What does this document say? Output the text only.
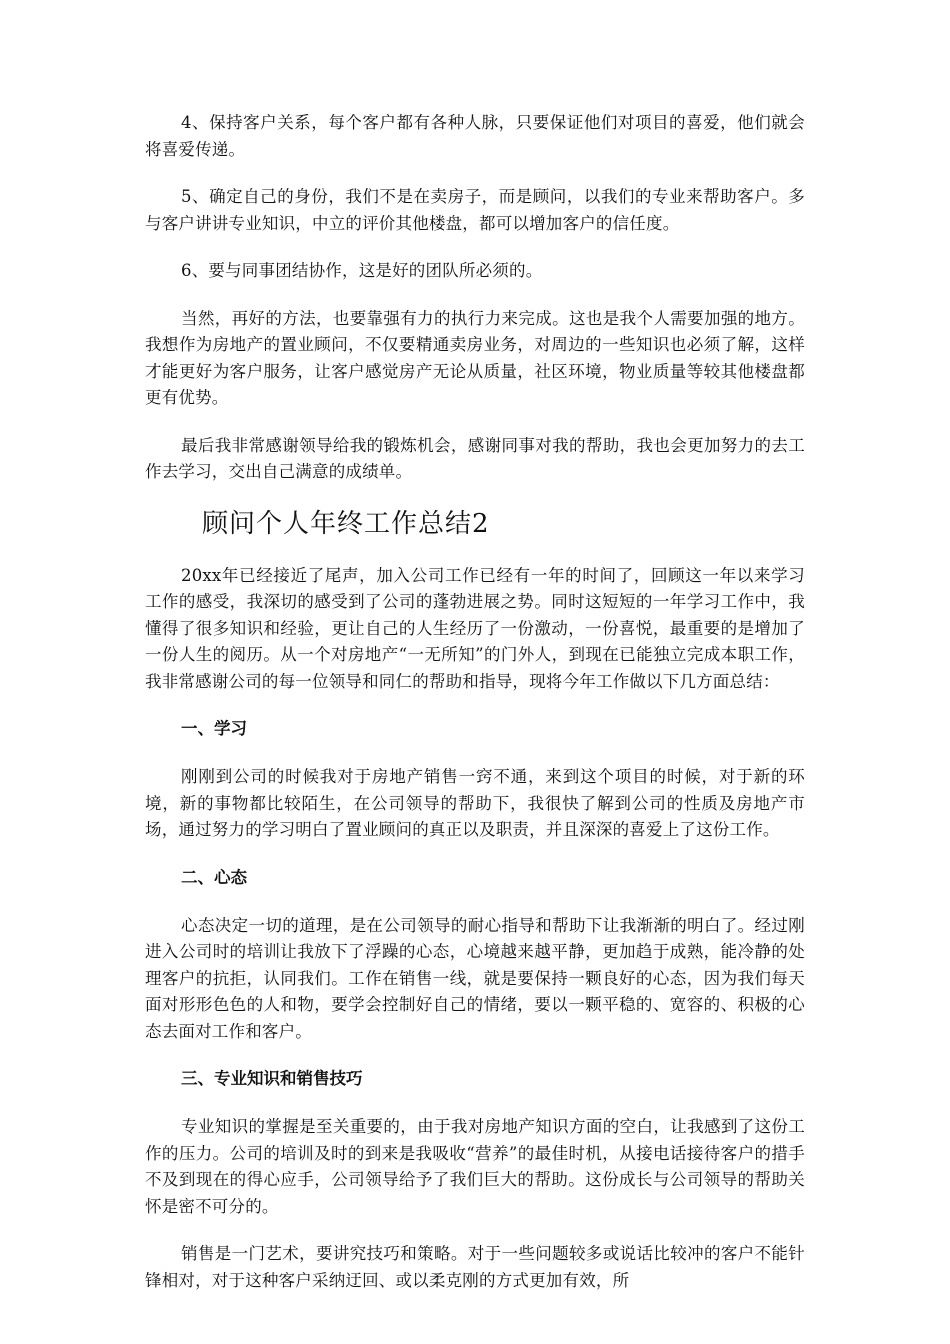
4、保持客户关系，每个客户都有各种人脉，只要保证他们对项目的喜爱，他们就会将喜爱传递。

5、确定自己的身份，我们不是在卖房子，而是顾问，以我们的专业来帮助客户。多与客户讲讲专业知识，中立的评价其他楼盘，都可以增加客户的信任度。

6、要与同事团结协作，这是好的团队所必须的。

当然，再好的方法，也要靠强有力的执行力来完成。这也是我个人需要加强的地方。我想作为房地产的置业顾问，不仅要精通卖房业务，对周边的一些知识也必须了解，这样才能更好为客户服务，让客户感觉房产无论从质量，社区环境，物业质量等较其他楼盘都更有优势。

最后我非常感谢领导给我的锻炼机会，感谢同事对我的帮助，我也会更加努力的去工作去学习，交出自己满意的成绩单。

顾问个人年终工作总结2

20xx年已经接近了尾声，加入公司工作已经有一年的时间了，回顾这一年以来学习工作的感受，我深切的感受到了公司的蓬勃进展之势。同时这短短的一年学习工作中，我懂得了很多知识和经验，更让自己的人生经历了一份激动，一份喜悦，最重要的是增加了一份人生的阅历。从一个对房地产“一无所知”的门外人，到现在已能独立完成本职工作，我非常感谢公司的每一位领导和同仁的帮助和指导，现将今年工作做以下几方面总结：

一、学习

刚刚到公司的时候我对于房地产销售一窍不通，来到这个项目的时候，对于新的环境，新的事物都比较陌生，在公司领导的帮助下，我很快了解到公司的性质及房地产市场，通过努力的学习明白了置业顾问的真正以及职责，并且深深的喜爱上了这份工作。

二、心态

心态决定一切的道理，是在公司领导的耐心指导和帮助下让我渐渐的明白了。经过刚进入公司时的培训让我放下了浮躁的心态，心境越来越平静，更加趋于成熟，能冷静的处理客户的抗拒，认同我们。工作在销售一线，就是要保持一颗良好的心态，因为我们每天面对形形色色的人和物，要学会控制好自己的情绪，要以一颗平稳的、宽容的、积极的心态去面对工作和客户。

三、专业知识和销售技巧

专业知识的掌握是至关重要的，由于我对房地产知识方面的空白，让我感到了这份工作的压力。公司的培训及时的到来是我吸收“营养”的最佳时机，从接电话接待客户的措手不及到现在的得心应手，公司领导给予了我们巨大的帮助。这份成长与公司领导的帮助关怀是密不可分的。

销售是一门艺术，要讲究技巧和策略。对于一些问题较多或说话比较冲的客户不能针锋相对，对于这种客户采纳迂回、或以柔克刚的方式更加有效，所
